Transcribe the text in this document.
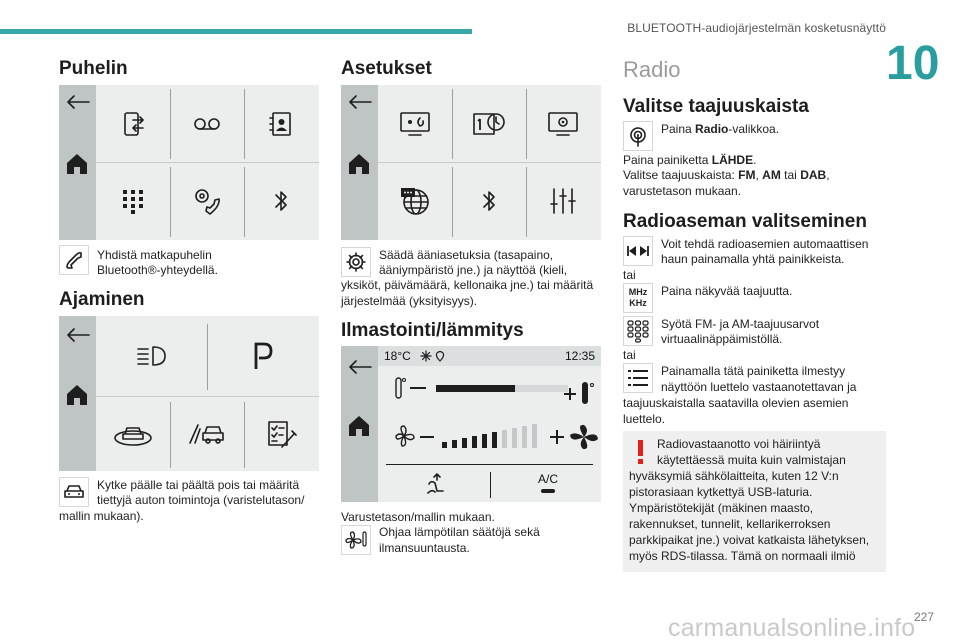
BLUETOOTH-audiojärjestelmän kosketusnäyttö
10
Puhelin
Yhdistä matkapuhelin
Bluetooth®-yhteydellä.
Ajaminen
Kytke päälle tai päältä pois tai määritä
tiettyjä auton toimintoja (varistelutason/
mallin mukaan).
Asetukset
Säädä ääniasetuksia (tasapaino,
ääniympäristö jne.) ja näyttöä (kieli,
yksiköt, päivämäärä, kellonaika jne.) tai määritä
järjestelmää (yksityisyys).
Ilmastointi/lämmitys
18°C	12:35
A/C
Varustetason/mallin mukaan.
Ohjaa lämpötilan säätöjä sekä
ilmansuuntausta.
Radio
Valitse taajuuskaista
Paina Radio-valikkoa.
Paina painiketta LÄHDE.
Valitse taajuuskaista: FM, AM tai DAB,
varustetason mukaan.
Radioaseman valitseminen
Voit tehdä radioasemien automaattisen
haun painamalla yhtä painikkeista.
tai
MHz
KHz
Paina näkyvää taajuutta.
Syötä FM- ja AM-taajuusarvot
virtuaalinäppäimistöllä.
tai
Painamalla tätä painiketta ilmestyy
näyttöön luettelo vastaanotettavan ja
taajuuskaistalla saatavilla olevien asemien
luettelo.
Radiovastaanotto voi häiriintyä
käytettäessä muita kuin valmistajan
hyväksymiä sähkölaitteita, kuten 12 V:n
pistorasiaan kytkettyä USB-laturia.
Ympäristötekijät (mäkinen maasto,
rakennukset, tunnelit, kellarikerroksen
parkkipaikat jne.) voivat katkaista lähetyksen,
myös RDS-tilassa. Tämä on normaali ilmiö
carmanualsonline.info
227
